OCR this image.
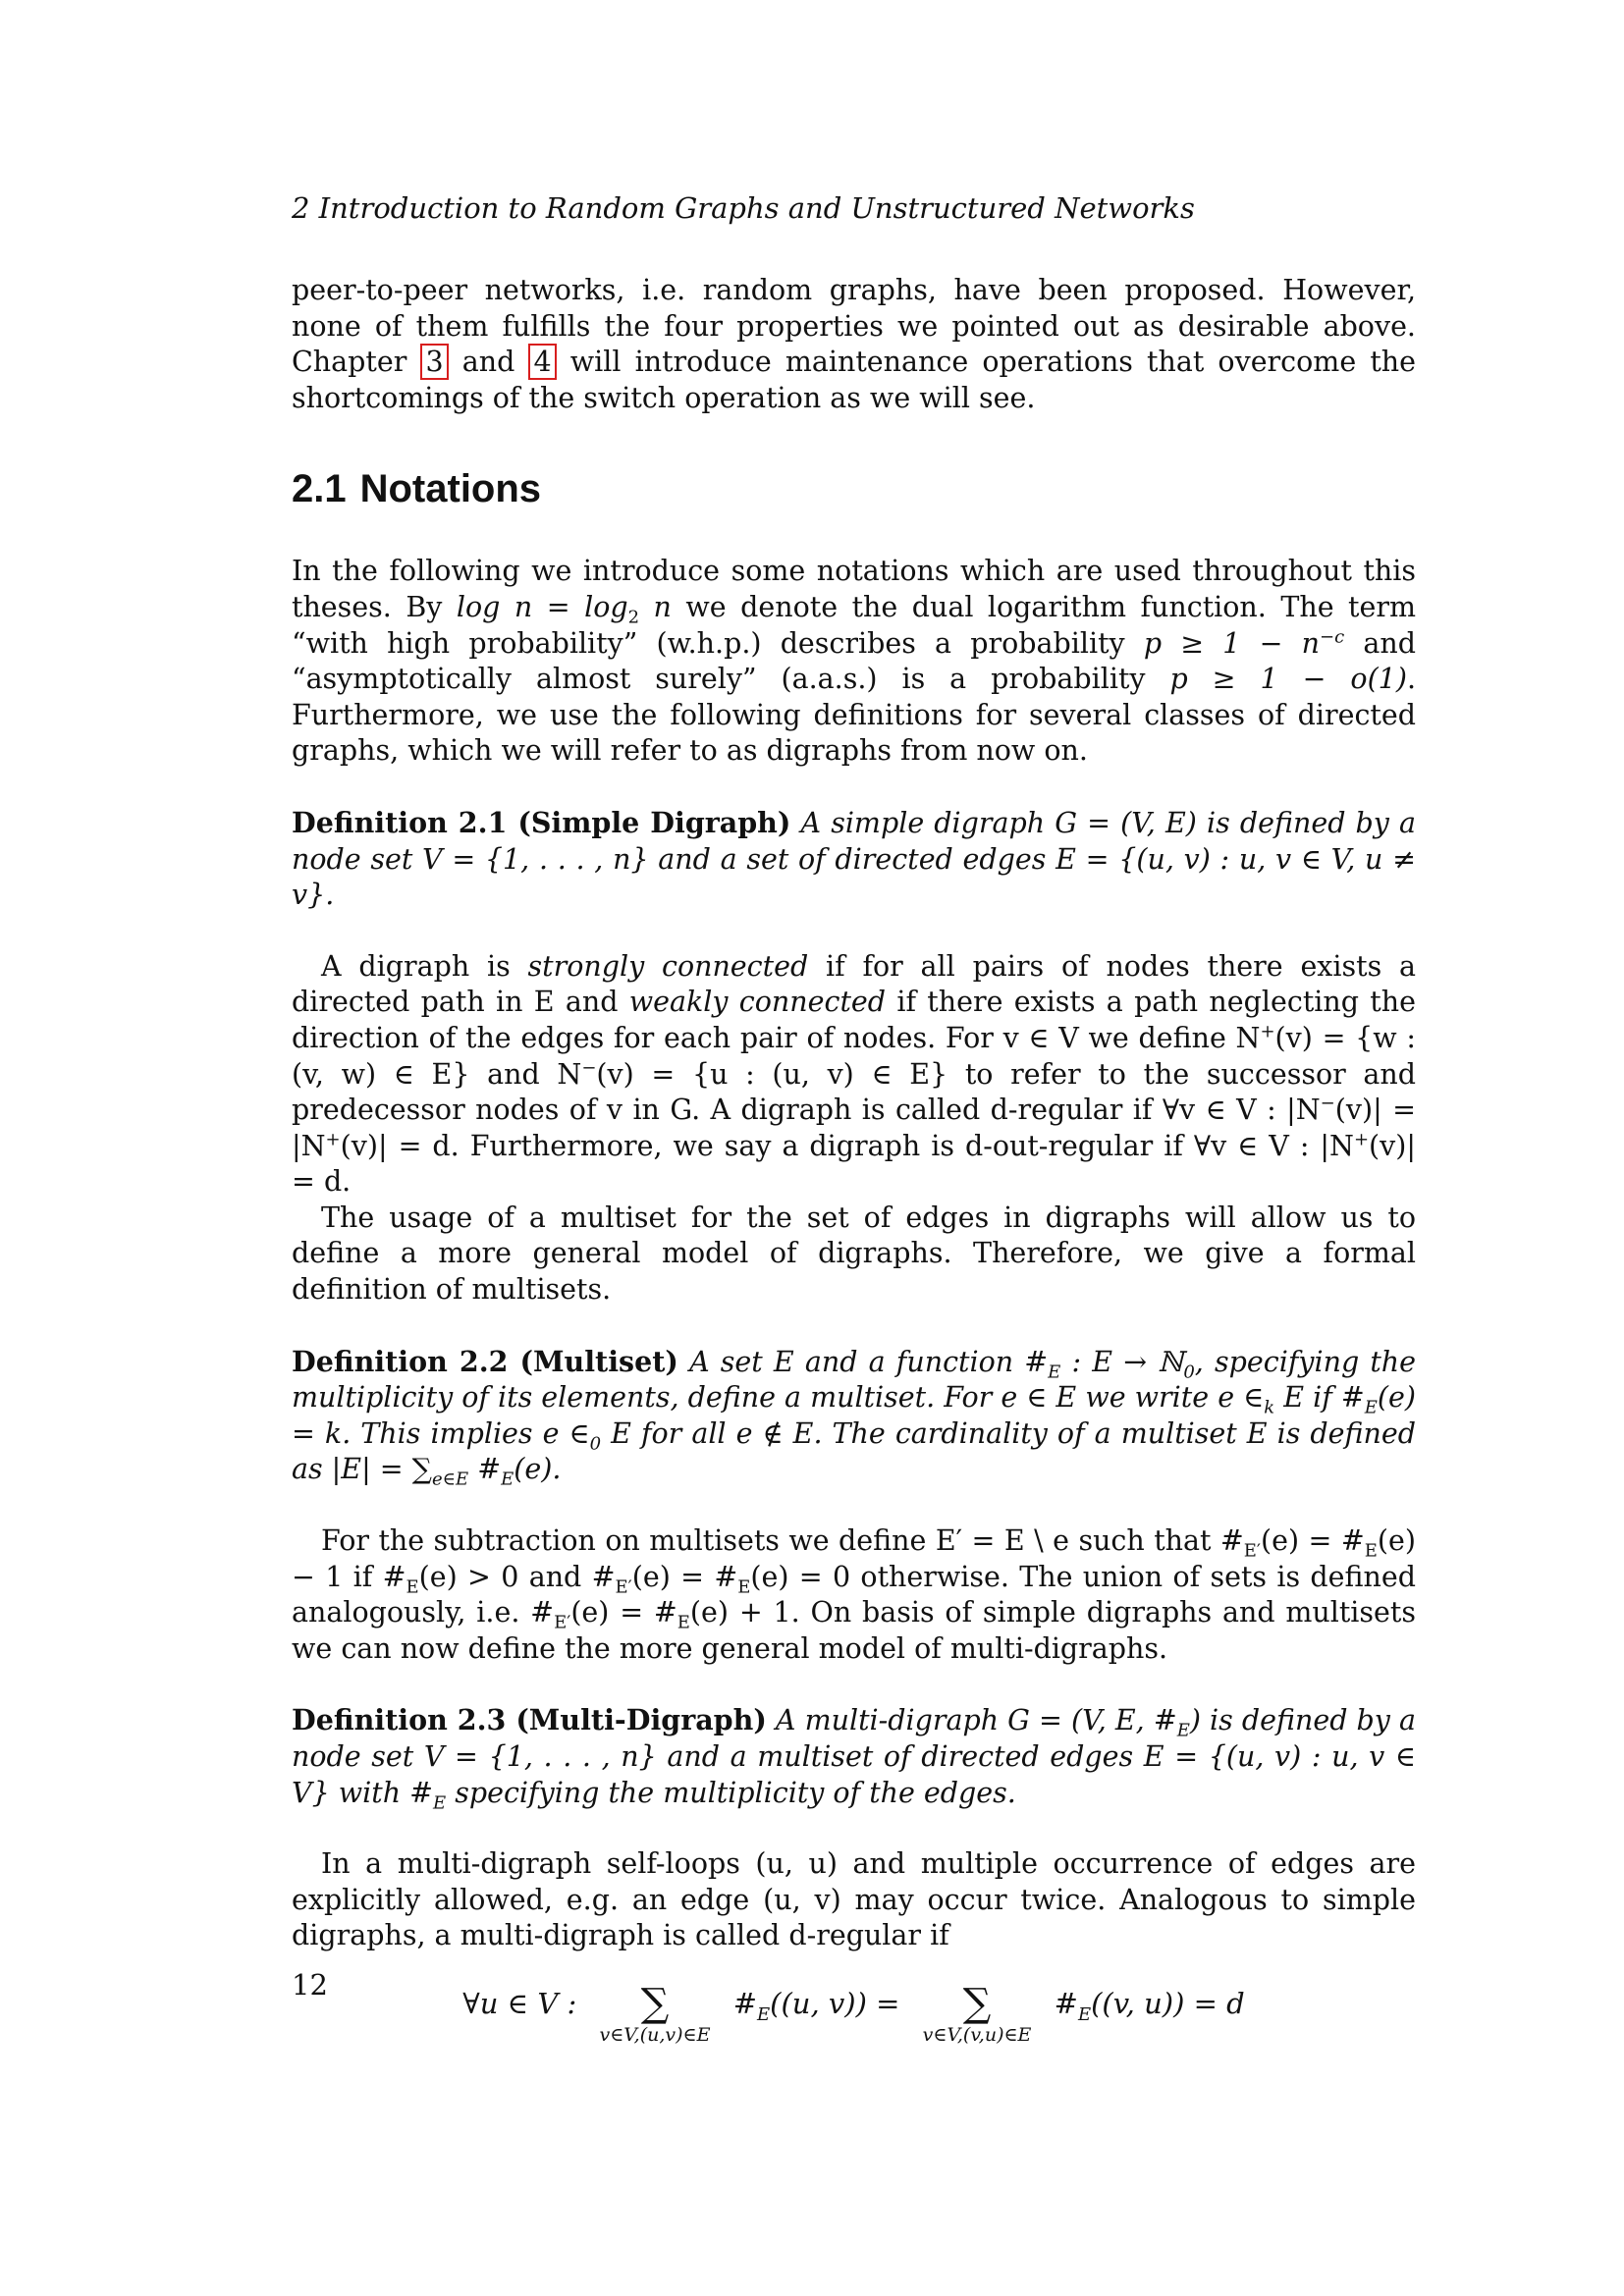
2 Introduction to Random Graphs and Unstructured Networks

peer-to-peer networks, i.e. random graphs, have been proposed. However, none of them fulfills the four properties we pointed out as desirable above. Chapter 3 and 4 will introduce maintenance operations that overcome the shortcomings of the switch operation as we will see.

2.1 Notations

In the following we introduce some notations which are used throughout this theses. By $\log n = \log_2 n$ we denote the dual logarithm function. The term “with high probability” (w.h.p.) describes a probability $p \ge 1 - n^{-c}$ and “asymptotically almost surely” (a.a.s.) is a probability p ≥ 1 − o(1). Furthermore, we use the following definitions for several classes of directed graphs, which we will refer to as digraphs from now on.

Definition 2.1 (Simple Digraph) A simple digraph G = (V, E) is defined by a node set V = {1, . . . , n} and a set of directed edges E = {(u, v) : u, v ∈ V, u ≠ v}.

A digraph is strongly connected if for all pairs of nodes there exists a directed path in E and weakly connected if there exists a path neglecting the direction of the edges for each pair of nodes. For v ∈ V we define N+(v) = {w : (v, w) ∈ E} and N−(v) = {u : (u, v) ∈ E} to refer to the successor and predecessor nodes of v in G. A digraph is called d-regular if ∀v ∈ V : |N−(v)| = |N+(v)| = d. Furthermore, we say a digraph is d-out-regular if ∀v ∈ V : |N+(v)| = d.

The usage of a multiset for the set of edges in digraphs will allow us to define a more general model of digraphs. Therefore, we give a formal definition of multisets.

Definition 2.2 (Multiset) A set E and a function $\#_E$ : E → ℕ$_0$, specifying the multiplicity of its elements, define a multiset. For e ∈ E we write e $\in_k$ E if $\#_E(e) = k$. This implies e $\in_0$ E for all e ∉ E. The cardinality of a multiset E is defined as $|E| = \sum_{e\in E}$ $\#_E(e)$.

For the subtraction on multisets we define E′ = E \ e such that $\#_{E'}(e)$ = $\#_E(e) - 1$ if $\#_E(e) > 0$ and $\#_{E'}(e)$ = $\#_E(e) = 0$ otherwise. The union of sets is defined analogously, i.e. $\#_{E'}(e)$ = $\#_E(e) + 1$. On basis of simple digraphs and multisets we can now define the more general model of multi-digraphs.

Definition 2.3 (Multi-Digraph) A multi-digraph G = (V, E, $\#_E$) is defined by a node set V = {1, . . . , n} and a multiset of directed edges E = {(u, v) : u, v ∈ V} with $\#_E$ specifying the multiplicity of the edges.

In a multi-digraph self-loops (u, u) and multiple occurrence of edges are explicitly allowed, e.g. an edge (u, v) may occur twice. Analogous to simple digraphs, a multi-digraph is called d-regular if

∀u ∈ V :	∑
v∈V,(u,v)∈E
$\#_E((u$, v)) =	∑
v∈V,(v,u)∈E
$\#_E((v$, u)) = d
12
